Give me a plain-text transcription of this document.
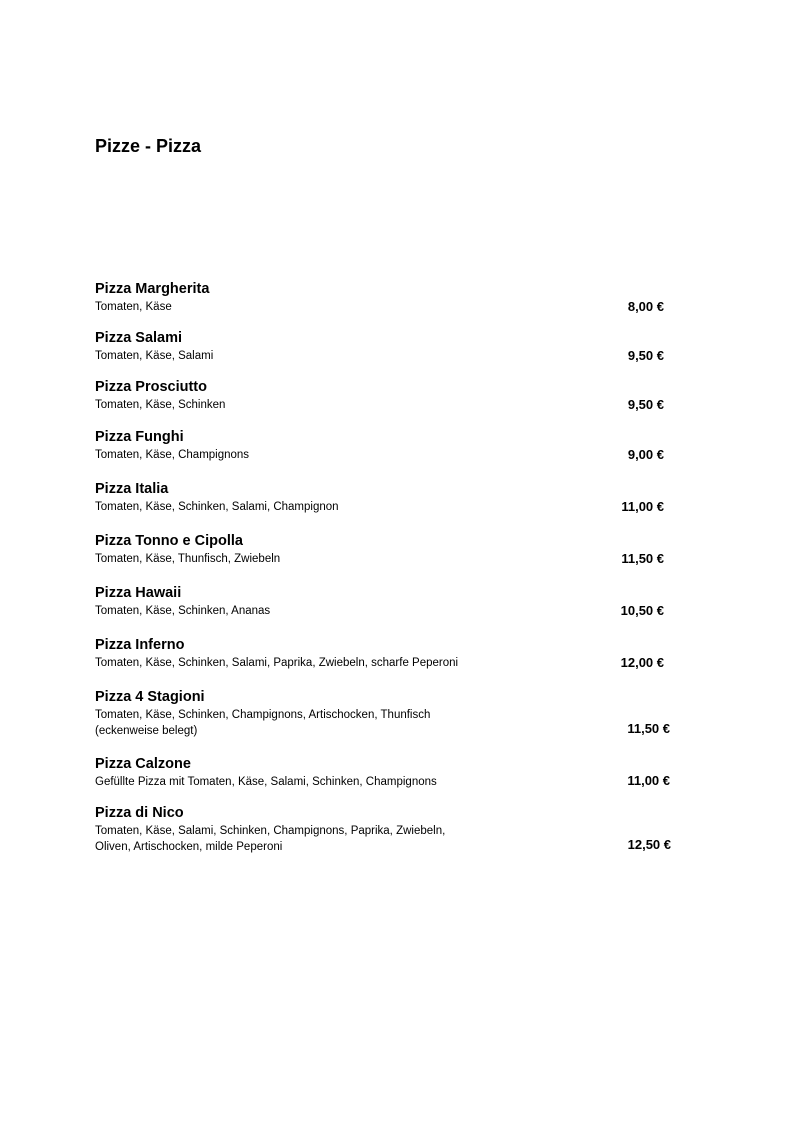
Pizze - Pizza
Pizza Margherita
Tomaten, Käse	8,00 €
Pizza Salami
Tomaten, Käse, Salami	9,50 €
Pizza Prosciutto
Tomaten, Käse, Schinken	9,50 €
Pizza Funghi
Tomaten, Käse, Champignons	9,00 €
Pizza Italia
Tomaten, Käse, Schinken, Salami, Champignon	11,00 €
Pizza Tonno e Cipolla
Tomaten, Käse, Thunfisch, Zwiebeln	11,50 €
Pizza Hawaii
Tomaten, Käse, Schinken, Ananas	10,50 €
Pizza Inferno
Tomaten, Käse, Schinken, Salami, Paprika, Zwiebeln, scharfe Peperoni	12,00 €
Pizza 4 Stagioni
Tomaten, Käse, Schinken, Champignons, Artischocken, Thunfisch (eckenweise belegt)	11,50 €
Pizza Calzone
Gefüllte Pizza mit Tomaten, Käse, Salami, Schinken, Champignons	11,00 €
Pizza di Nico
Tomaten, Käse, Salami, Schinken, Champignons, Paprika, Zwiebeln, Oliven, Artischocken, milde Peperoni	12,50 €
